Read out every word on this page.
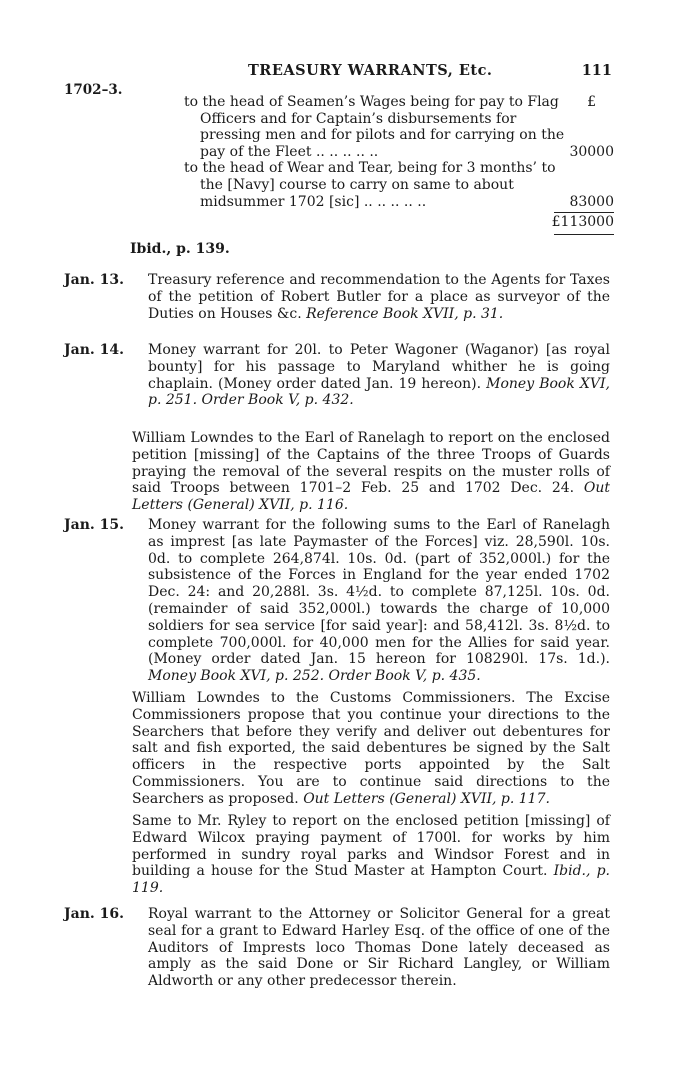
TREASURY WARRANTS, Etc.	111
1702–3.
£
to the head of Seamen’s Wages being for pay to Flag Officers and for Captain’s disbursements for pressing men and for pilots and for carrying on the pay of the Fleet .. .. .. .. ..	30000
to the head of Wear and Tear, being for 3 months’ to the [Navy] course to carry on same to about midsummer 1702 [sic] .. .. .. .. ..	83000
£113000
Ibid., p. 139.
Jan. 13. Treasury reference and recommendation to the Agents for Taxes of the petition of Robert Butler for a place as surveyor of the Duties on Houses &c. Reference Book XVII, p. 31.
Jan. 14. Money warrant for 20l. to Peter Wagoner (Waganor) [as royal bounty] for his passage to Maryland whither he is going chaplain. (Money order dated Jan. 19 hereon). Money Book XVI, p. 251. Order Book V, p. 432.
William Lowndes to the Earl of Ranelagh to report on the enclosed petition [missing] of the Captains of the three Troops of Guards praying the removal of the several respits on the muster rolls of said Troops between 1701–2 Feb. 25 and 1702 Dec. 24. Out Letters (General) XVII, p. 116.
Jan. 15. Money warrant for the following sums to the Earl of Ranelagh as imprest [as late Paymaster of the Forces] viz. 28,590l. 10s. 0d. to complete 264,874l. 10s. 0d. (part of 352,000l.) for the subsistence of the Forces in England for the year ended 1702 Dec. 24: and 20,288l. 3s. 4½d. to complete 87,125l. 10s. 0d. (remainder of said 352,000l.) towards the charge of 10,000 soldiers for sea service [for said year]: and 58,412l. 3s. 8½d. to complete 700,000l. for 40,000 men for the Allies for said year. (Money order dated Jan. 15 hereon for 108290l. 17s. 1d.). Money Book XVI, p. 252. Order Book V, p. 435.
William Lowndes to the Customs Commissioners. The Excise Commissioners propose that you continue your directions to the Searchers that before they verify and deliver out debentures for salt and fish exported, the said debentures be signed by the Salt officers in the respective ports appointed by the Salt Commissioners. You are to continue said directions to the Searchers as proposed. Out Letters (General) XVII, p. 117.
Same to Mr. Ryley to report on the enclosed petition [missing] of Edward Wilcox praying payment of 1700l. for works by him performed in sundry royal parks and Windsor Forest and in building a house for the Stud Master at Hampton Court. Ibid., p. 119.
Jan. 16. Royal warrant to the Attorney or Solicitor General for a great seal for a grant to Edward Harley Esq. of the office of one of the Auditors of Imprests loco Thomas Done lately deceased as amply as the said Done or Sir Richard Langley, or William Aldworth or any other predecessor therein.
